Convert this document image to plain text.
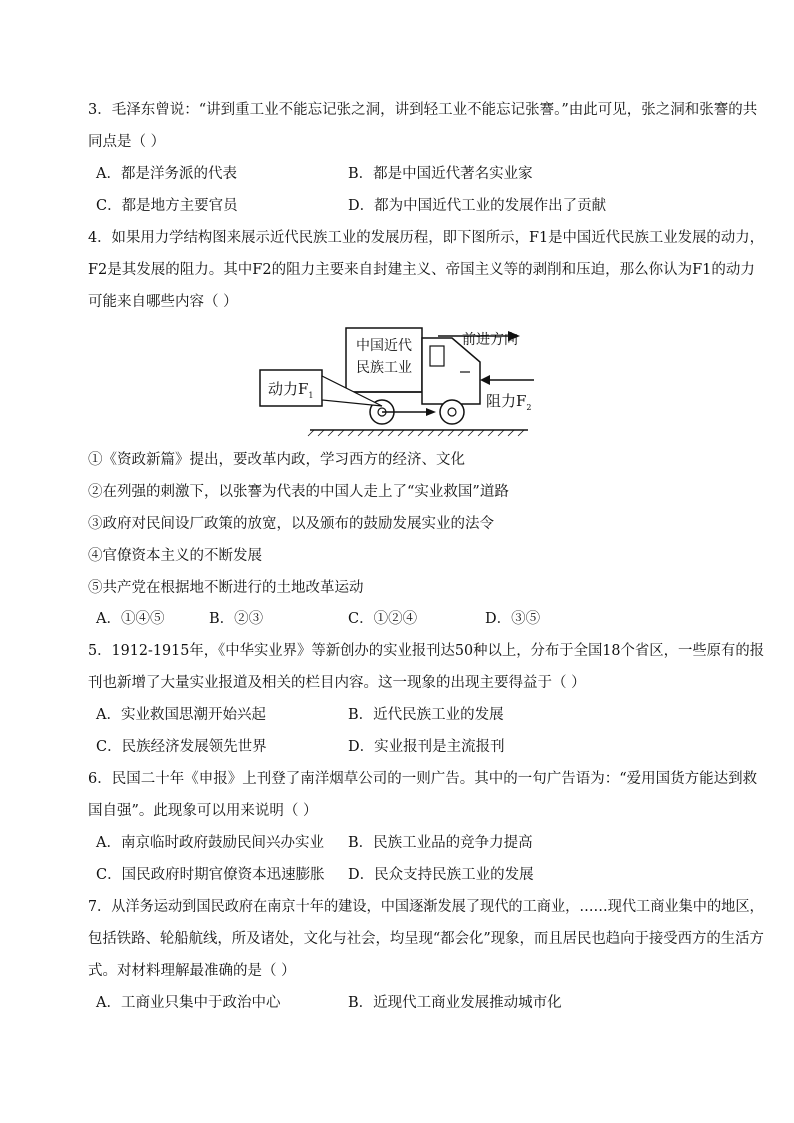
3．毛泽东曾说：“讲到重工业不能忘记张之洞，讲到轻工业不能忘记张謇。”由此可见，张之洞和张謇的共
同点是（ ）
A．都是洋务派的代表	B．都是中国近代著名实业家
C．都是地方主要官员	D．都为中国近代工业的发展作出了贡献
4．如果用力学结构图来展示近代民族工业的发展历程，即下图所示，F1是中国近代民族工业发展的动力，
F2是其发展的阻力。其中F2的阻力主要来自封建主义、帝国主义等的剥削和压迫，那么你认为F1的动力
可能来自哪些内容（ ）
中国近代
民族工业
前进方向
动力$F_1$	阻力$F_2$
①《资政新篇》提出，要改革内政，学习西方的经济、文化
②在列强的刺激下，以张謇为代表的中国人走上了“实业救国”道路
③政府对民间设厂政策的放宽，以及颁布的鼓励发展实业的法令
④官僚资本主义的不断发展
⑤共产党在根据地不断进行的土地改革运动
A．①④⑤	B．②③	C．①②④	D．③⑤
5．1912-1915年，《中华实业界》等新创办的实业报刊达50种以上，分布于全国18个省区，一些原有的报
刊也新增了大量实业报道及相关的栏目内容。这一现象的出现主要得益于（ ）
A．实业救国思潮开始兴起	B．近代民族工业的发展
C．民族经济发展领先世界	D．实业报刊是主流报刊
6．民国二十年《申报》上刊登了南洋烟草公司的一则广告。其中的一句广告语为：“爱用国货方能达到救
国自强”。此现象可以用来说明（ ）
A．南京临时政府鼓励民间兴办实业 B．民族工业品的竞争力提高
C．国民政府时期官僚资本迅速膨胀 D．民众支持民族工业的发展
7．从洋务运动到国民政府在南京十年的建设，中国逐渐发展了现代的工商业，……现代工商业集中的地区，
包括铁路、轮船航线，所及诸处，文化与社会，均呈现“都会化”现象，而且居民也趋向于接受西方的生活方
式。对材料理解最准确的是（ ）
A．工商业只集中于政治中心	B．近现代工商业发展推动城市化
